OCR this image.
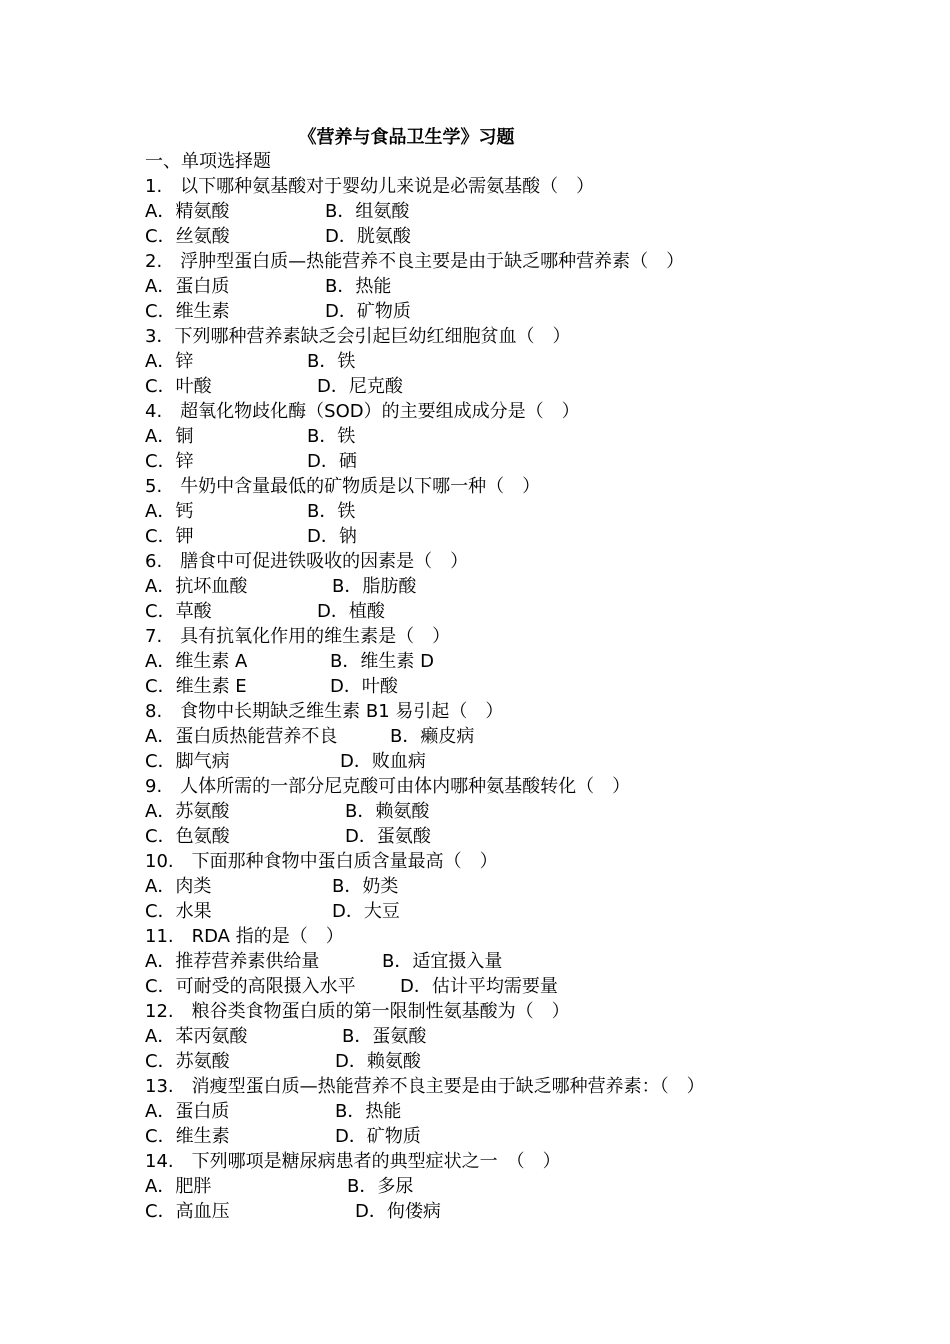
《营养与食品卫生学》习题
一、单项选择题
1.　以下哪种氨基酸对于婴幼儿来说是必需氨基酸（　）
A．精氨酸	B．组氨酸
C．丝氨酸	D．胱氨酸
2.　浮肿型蛋白质—热能营养不良主要是由于缺乏哪种营养素（　）
A．蛋白质	B．热能
C．维生素	D．矿物质
3．下列哪种营养素缺乏会引起巨幼红细胞贫血（　）
A．锌	B．铁
C．叶酸	D．尼克酸
4.　超氧化物歧化酶（SOD）的主要组成成分是（　）
A．铜	B．铁
C．锌	D．硒
5.　牛奶中含量最低的矿物质是以下哪一种（　）
A．钙	B．铁
C．钾	D．钠
6.　膳食中可促进铁吸收的因素是（　）
A．抗坏血酸	B．脂肪酸
C．草酸	D．植酸
7.　具有抗氧化作用的维生素是（　）
A．维生素 A	B．维生素 D
C．维生素 E	D．叶酸
8.　食物中长期缺乏维生素 B1 易引起（　）
A．蛋白质热能营养不良	B．癞皮病
C．脚气病	D．败血病
9.　人体所需的一部分尼克酸可由体内哪种氨基酸转化（　）
A．苏氨酸	B．赖氨酸
C．色氨酸	D．蛋氨酸
10.　下面那种食物中蛋白质含量最高（　）
A．肉类	B．奶类
C．水果	D．大豆
11.　RDA 指的是（　）
A．推荐营养素供给量	B．适宜摄入量
C．可耐受的高限摄入水平 D．估计平均需要量
12.　粮谷类食物蛋白质的第一限制性氨基酸为（　）
A．苯丙氨酸	B．蛋氨酸
C．苏氨酸	D．赖氨酸
13.　消瘦型蛋白质—热能营养不良主要是由于缺乏哪种营养素：（　）
A．蛋白质	B．热能
C．维生素	D．矿物质
14.　下列哪项是糖尿病患者的典型症状之一　（　）
A．肥胖	B．多尿
C．高血压	D．佝偻病
